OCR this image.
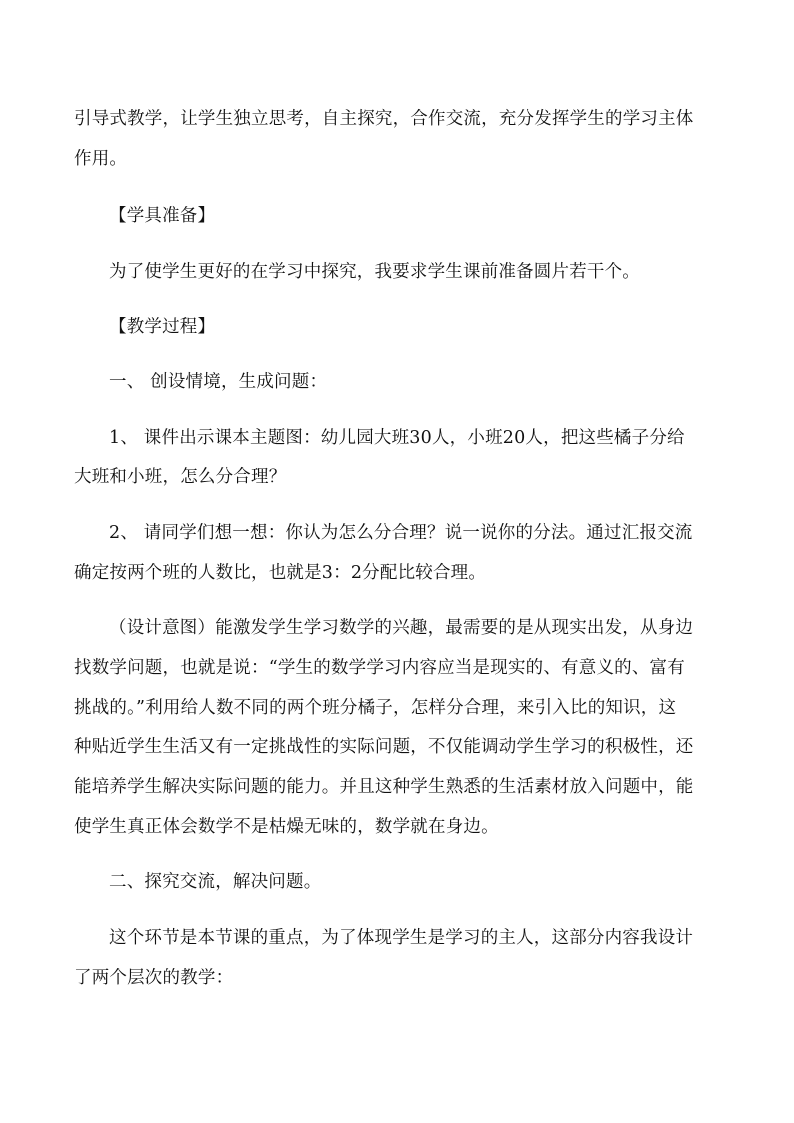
引导式教学，让学生独立思考，自主探究，合作交流，充分发挥学生的学习主体
作用。
【学具准备】
为了使学生更好的在学习中探究，我要求学生课前准备圆片若干个。
【教学过程】
一、 创设情境，生成问题：
1、 课件出示课本主题图：幼儿园大班30人，小班20人，把这些橘子分给
大班和小班，怎么分合理？
2、 请同学们想一想：你认为怎么分合理？说一说你的分法。通过汇报交流
确定按两个班的人数比，也就是3：2分配比较合理。
（设计意图）能激发学生学习数学的兴趣，最需要的是从现实出发，从身边
找数学问题，也就是说：“学生的数学学习内容应当是现实的、有意义的、富有
挑战的。”利用给人数不同的两个班分橘子，怎样分合理，来引入比的知识，这
种贴近学生生活又有一定挑战性的实际问题，不仅能调动学生学习的积极性，还
能培养学生解决实际问题的能力。并且这种学生熟悉的生活素材放入问题中，能
使学生真正体会数学不是枯燥无味的，数学就在身边。
二、探究交流，解决问题。
这个环节是本节课的重点，为了体现学生是学习的主人，这部分内容我设计
了两个层次的教学：
